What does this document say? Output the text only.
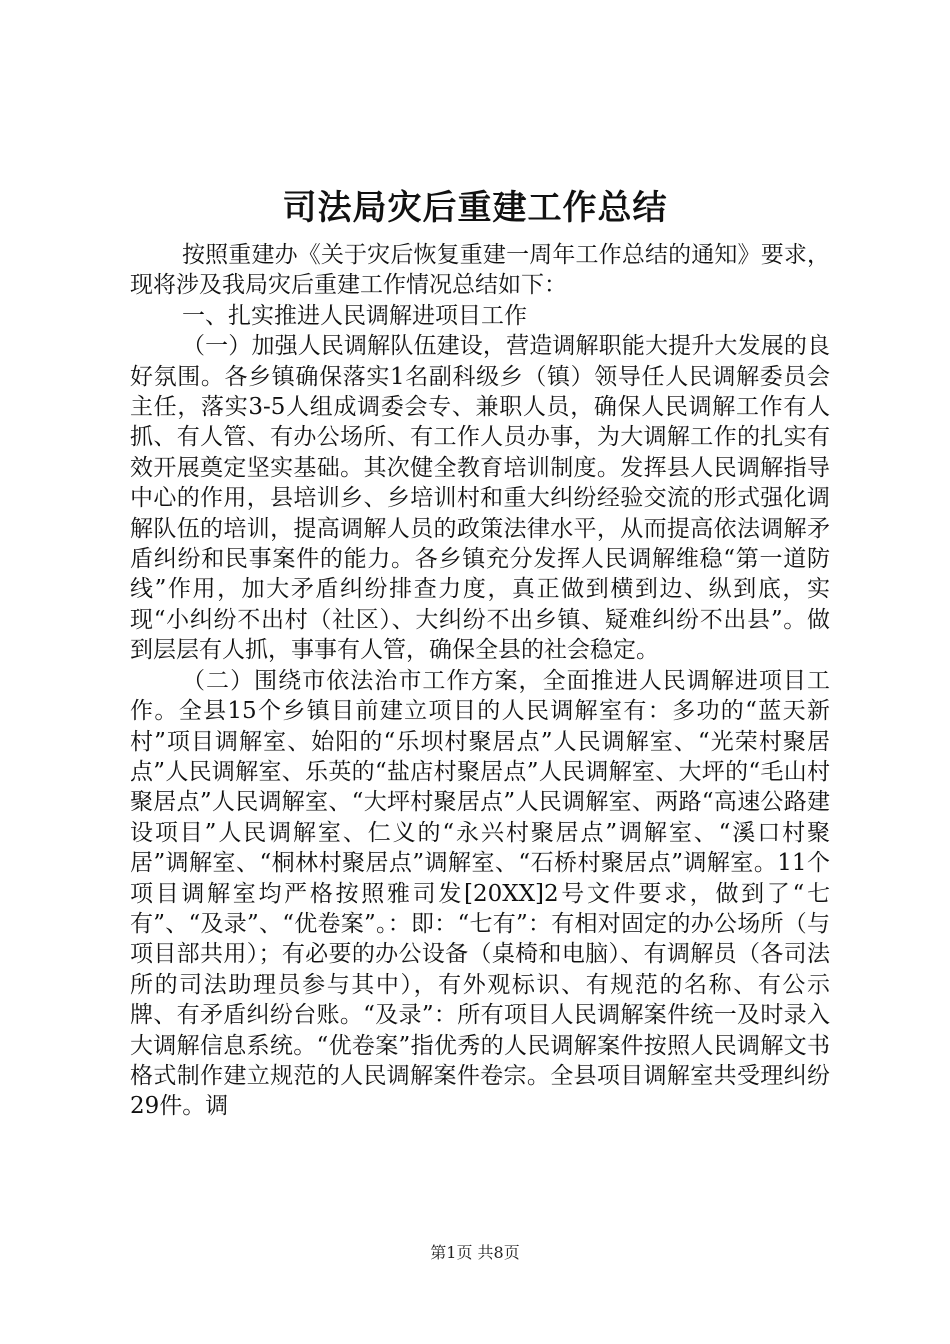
司法局灾后重建工作总结

按照重建办《关于灾后恢复重建一周年工作总结的通知》要求，现将涉及我局灾后重建工作情况总结如下：

一、扎实推进人民调解进项目工作

（一）加强人民调解队伍建设，营造调解职能大提升大发展的良好氛围。各乡镇确保落实1名副科级乡（镇）领导任人民调解委员会主任，落实3-5人组成调委会专、兼职人员，确保人民调解工作有人抓、有人管、有办公场所、有工作人员办事，为大调解工作的扎实有效开展奠定坚实基础。其次健全教育培训制度。发挥县人民调解指导中心的作用，县培训乡、乡培训村和重大纠纷经验交流的形式强化调解队伍的培训，提高调解人员的政策法律水平，从而提高依法调解矛盾纠纷和民事案件的能力。各乡镇充分发挥人民调解维稳“第一道防线”作用，加大矛盾纠纷排查力度，真正做到横到边、纵到底，实现“小纠纷不出村（社区）、大纠纷不出乡镇、疑难纠纷不出县”。做到层层有人抓，事事有人管，确保全县的社会稳定。

（二）围绕市依法治市工作方案，全面推进人民调解进项目工作。全县15个乡镇目前建立项目的人民调解室有：多功的“蓝天新村”项目调解室、始阳的“乐坝村聚居点”人民调解室、“光荣村聚居点”人民调解室、乐英的“盐店村聚居点”人民调解室、大坪的“毛山村聚居点”人民调解室、“大坪村聚居点”人民调解室、两路“高速公路建设项目”人民调解室、仁义的“永兴村聚居点”调解室、“溪口村聚居”调解室、“桐林村聚居点”调解室、“石桥村聚居点”调解室。11个项目调解室均严格按照雅司发[20XX]2号文件要求，做到了“七有”、“及录”、“优卷案”。：即：“七有”：有相对固定的办公场所（与项目部共用）；有必要的办公设备（桌椅和电脑）、有调解员（各司法所的司法助理员参与其中），有外观标识、有规范的名称、有公示牌、有矛盾纠纷台账。“及录”：所有项目人民调解案件统一及时录入大调解信息系统。“优卷案”指优秀的人民调解案件按照人民调解文书格式制作建立规范的人民调解案件卷宗。全县项目调解室共受理纠纷29件。调

第1页 共8页
